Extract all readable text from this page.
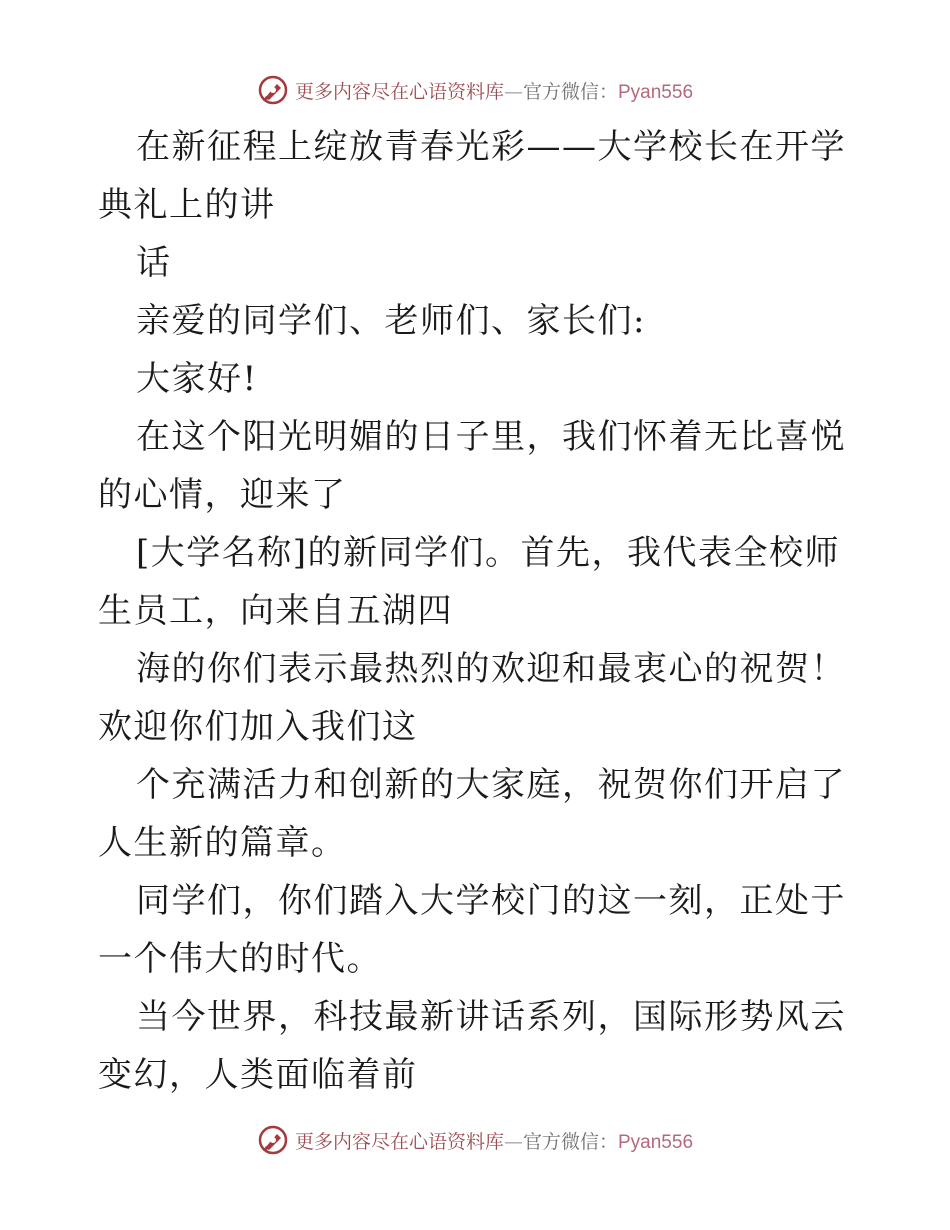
更多内容尽在心语资料库—官方微信：Pyan556

在新征程上绽放青春光彩——大学校长在开学典礼上的讲

话

亲爱的同学们、老师们、家长们:

大家好!

在这个阳光明媚的日子里，我们怀着无比喜悦的心情，迎来了

[大学名称]的新同学们。首先，我代表全校师生员工，向来自五湖四

海的你们表示最热烈的欢迎和最衷心的祝贺！欢迎你们加入我们这

个充满活力和创新的大家庭，祝贺你们开启了人生新的篇章。

同学们，你们踏入大学校门的这一刻，正处于一个伟大的时代。

当今世界，科技最新讲话系列，国际形势风云变幻，人类面临着前

更多内容尽在心语资料库—官方微信：Pyan556
